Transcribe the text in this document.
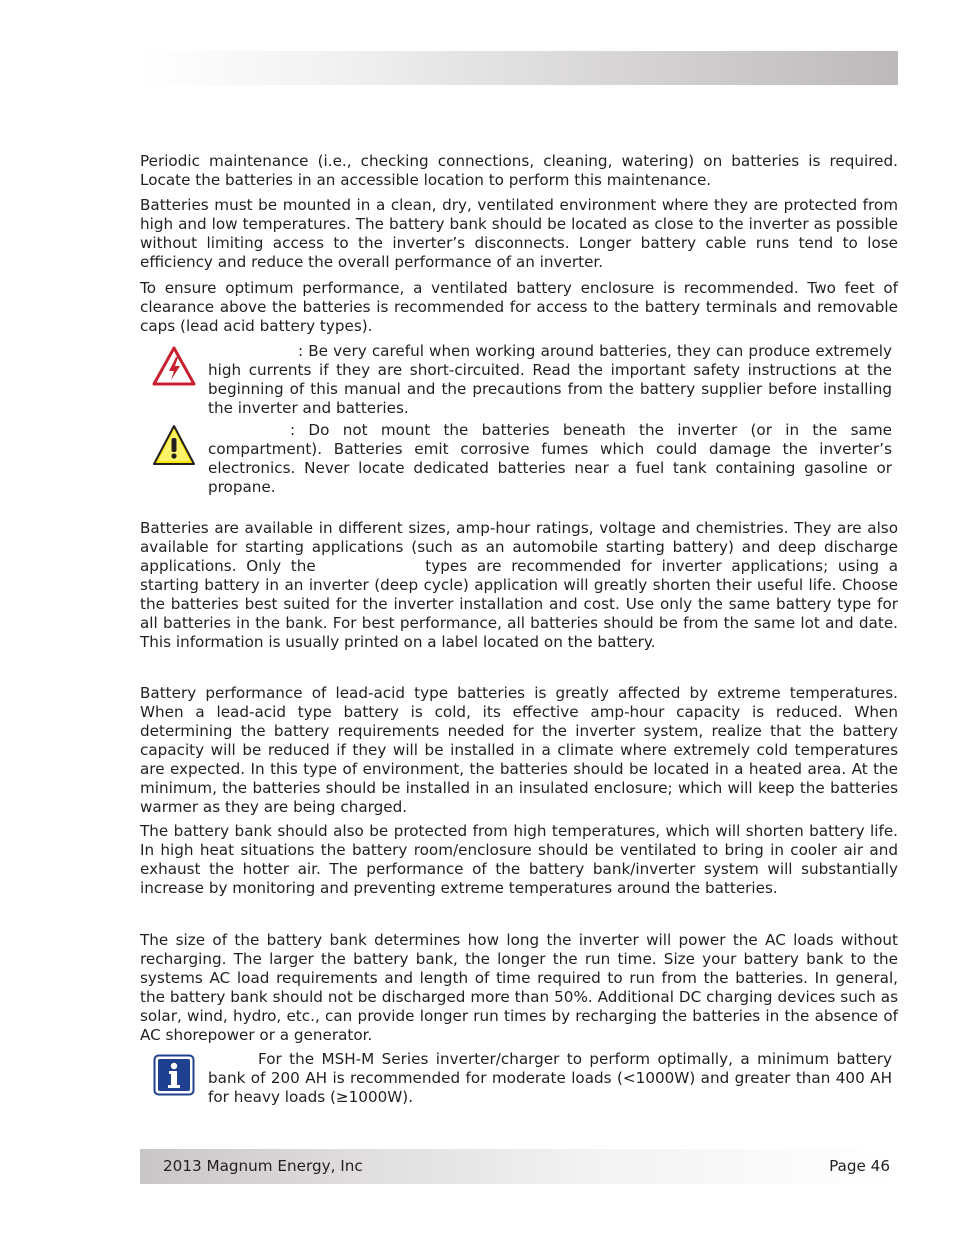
Periodic maintenance (i.e., checking connections, cleaning, watering) on batteries is required. Locate the batteries in an accessible location to perform this maintenance.

Batteries must be mounted in a clean, dry, ventilated environment where they are protected from high and low temperatures. The battery bank should be located as close to the inverter as possible without limiting access to the inverter’s disconnects. Longer battery cable runs tend to lose efficiency and reduce the overall performance of an inverter.

To ensure optimum performance, a ventilated battery enclosure is recommended. Two feet of clearance above the batteries is recommended for access to the battery terminals and removable caps (lead acid battery types).

: Be very careful when working around batteries, they can produce extremely high currents if they are short-circuited. Read the important safety instructions at the beginning of this manual and the precautions from the battery supplier before installing the inverter and batteries.

: Do not mount the batteries beneath the inverter (or in the same compartment). Batteries emit corrosive fumes which could damage the inverter’s electronics. Never locate dedicated batteries near a fuel tank containing gasoline or propane.

Batteries are available in different sizes, amp-hour ratings, voltage and chemistries. They are also available for starting applications (such as an automobile starting battery) and deep discharge applications. Only the	types are recommended for inverter applications; using a starting battery in an inverter (deep cycle) application will greatly shorten their useful life. Choose the batteries best suited for the inverter installation and cost. Use only the same battery type for all batteries in the bank. For best performance, all batteries should be from the same lot and date. This information is usually printed on a label located on the battery.

Battery performance of lead-acid type batteries is greatly affected by extreme temperatures. When a lead-acid type battery is cold, its effective amp-hour capacity is reduced. When determining the battery requirements needed for the inverter system, realize that the battery capacity will be reduced if they will be installed in a climate where extremely cold temperatures are expected. In this type of environment, the batteries should be located in a heated area. At the minimum, the batteries should be installed in an insulated enclosure; which will keep the batteries warmer as they are being charged.

The battery bank should also be protected from high temperatures, which will shorten battery life. In high heat situations the battery room/enclosure should be ventilated to bring in cooler air and exhaust the hotter air. The performance of the battery bank/inverter system will substantially increase by monitoring and preventing extreme temperatures around the batteries.

The size of the battery bank determines how long the inverter will power the AC loads without recharging. The larger the battery bank, the longer the run time. Size your battery bank to the systems AC load requirements and length of time required to run from the batteries. In general, the battery bank should not be discharged more than 50%. Additional DC charging devices such as solar, wind, hydro, etc., can provide longer run times by recharging the batteries in the absence of AC shorepower or a generator.

For the MSH-M Series inverter/charger to perform optimally, a minimum battery bank of 200 AH is recommended for moderate loads (<1000W) and greater than 400 AH for heavy loads (≥1000W).

2013 Magnum Energy, Inc	Page 46
